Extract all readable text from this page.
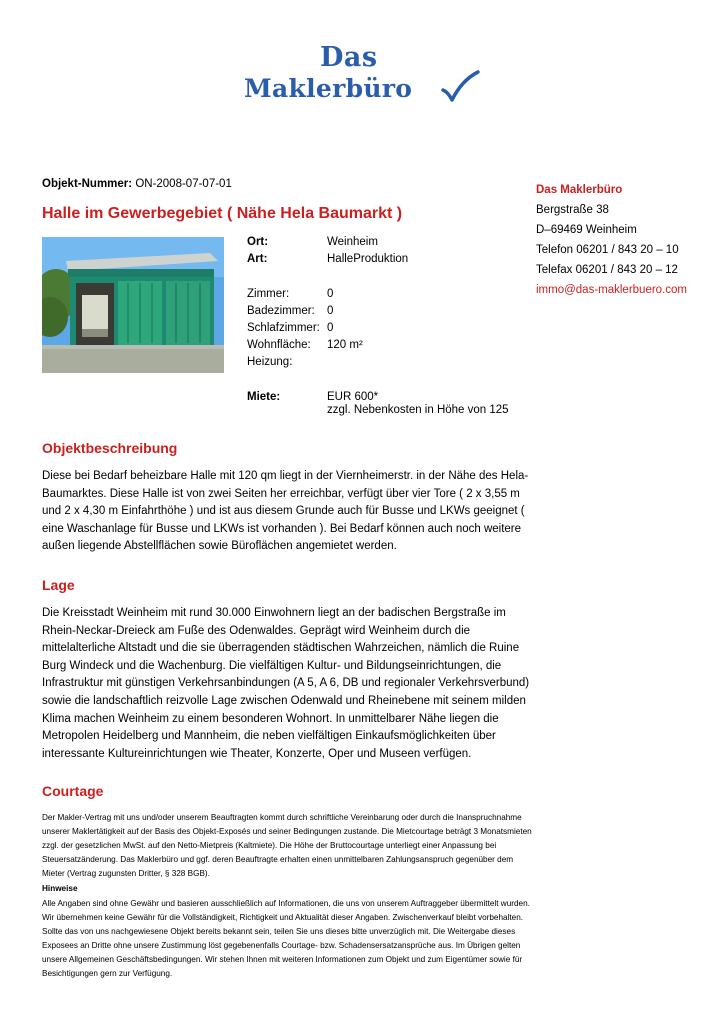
Das
Maklerbüro
Objekt-Nummer: ON-2008-07-07-01
Halle im Gewerbegebiet ( Nähe Hela Baumarkt )
Ort:	Weinheim
Art:	HalleProduktion
Zimmer:	0
Badezimmer: 0
Schlafzimmer: 0
Wohnfläche: 120 m²
Heizung:
Miete:	EUR 600*
zzgl. Nebenkosten in Höhe von 125
Das Maklerbüro
Bergstraße 38
D–69469 Weinheim
Telefon 06201 / 843 20 – 10
Telefax 06201 / 843 20 – 12
immo@das-maklerbuero.com
Objektbeschreibung

Diese bei Bedarf beheizbare Halle mit 120 qm liegt in der Viernheimerstr. in der Nähe des Hela-Baumarktes. Diese Halle ist von zwei Seiten her erreichbar, verfügt über vier Tore ( 2 x 3,55 m und 2 x 4,30 m Einfahrthöhe ) und ist aus diesem Grunde auch für Busse und LKWs geeignet ( eine Waschanlage für Busse und LKWs ist vorhanden ). Bei Bedarf können auch noch weitere außen liegende Abstellflächen sowie Büroflächen angemietet werden.

Lage

Die Kreisstadt Weinheim mit rund 30.000 Einwohnern liegt an der badischen Bergstraße im Rhein-Neckar-Dreieck am Fuße des Odenwaldes. Geprägt wird Weinheim durch die mittelalterliche Altstadt und die sie überragenden städtischen Wahrzeichen, nämlich die Ruine Burg Windeck und die Wachenburg. Die vielfältigen Kultur- und Bildungseinrichtungen, die Infrastruktur mit günstigen Verkehrsanbindungen (A 5, A 6, DB und regionaler Verkehrsverbund) sowie die landschaftlich reizvolle Lage zwischen Odenwald und Rheinebene mit seinem milden Klima machen Weinheim zu einem besonderen Wohnort. In unmittelbarer Nähe liegen die Metropolen Heidelberg und Mannheim, die neben vielfältigen Einkaufsmöglichkeiten über interessante Kultureinrichtungen wie Theater, Konzerte, Oper und Museen verfügen.

Courtage

Der Makler-Vertrag mit uns und/oder unserem Beauftragten kommt durch schriftliche Vereinbarung oder durch die Inanspruchnahme unserer Maklertätigkeit auf der Basis des Objekt-Exposés und seiner Bedingungen zustande. Die Mietcourtage beträgt 3 Monatsmieten zzgl. der gesetzlichen MwSt. auf den Netto-Mietpreis (Kaltmiete). Die Höhe der Bruttocourtage unterliegt einer Anpassung bei Steuersatzänderung. Das Maklerbüro und ggf. deren Beauftragte erhalten einen unmittelbaren Zahlungsanspruch gegenüber dem Mieter (Vertrag zugunsten Dritter, § 328 BGB).

Hinweise

Alle Angaben sind ohne Gewähr und basieren ausschließlich auf Informationen, die uns von unserem Auftraggeber übermittelt wurden. Wir übernehmen keine Gewähr für die Vollständigkeit, Richtigkeit und Aktualität dieser Angaben. Zwischenverkauf bleibt vorbehalten. Sollte das von uns nachgewiesene Objekt bereits bekannt sein, teilen Sie uns dieses bitte unverzüglich mit. Die Weitergabe dieses Exposees an Dritte ohne unsere Zustimmung löst gegebenenfalls Courtage- bzw. Schadensersatzansprüche aus. Im Übrigen gelten unsere Allgemeinen Geschäftsbedingungen. Wir stehen Ihnen mit weiteren Informationen zum Objekt und zum Eigentümer sowie für Besichtigungen gern zur Verfügung.
